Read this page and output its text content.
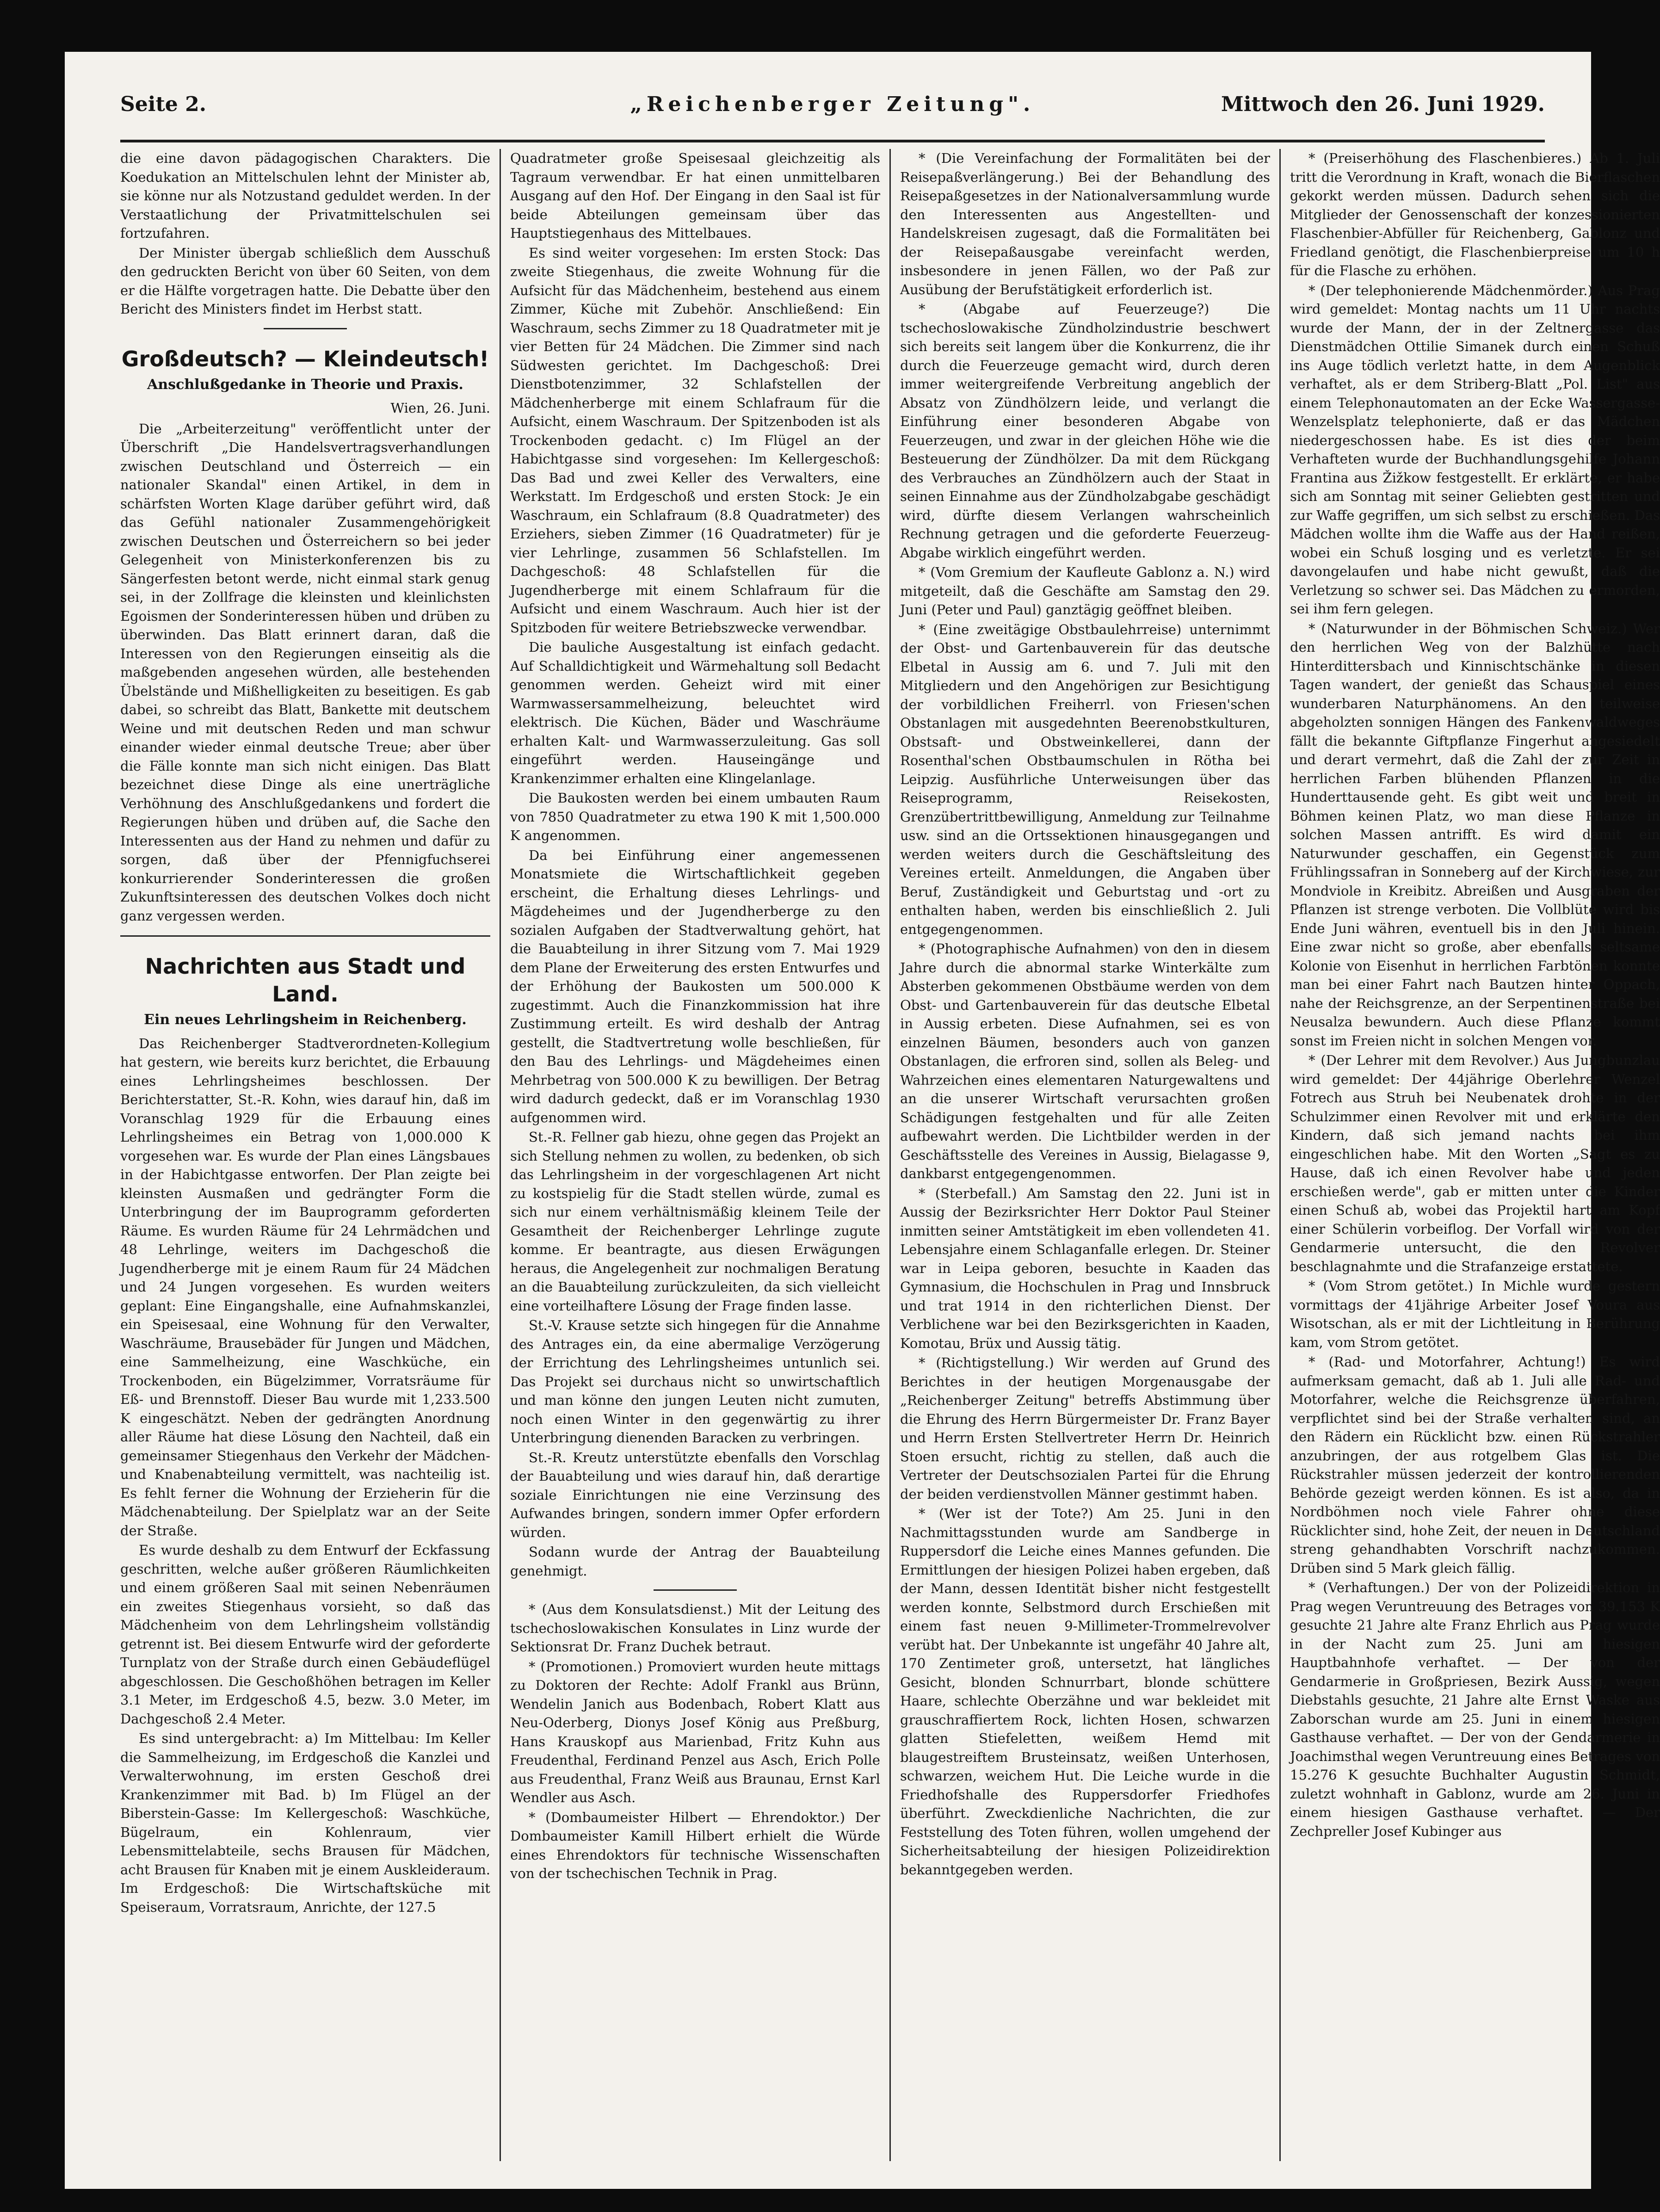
Seite 2.	„Reichenberger Zeitung".	Mittwoch den 26. Juni 1929.

die eine davon pädagogischen Charakters. Die Koedukation an Mittelschulen lehnt der Minister ab, sie könne nur als Notzustand geduldet werden. In der Verstaatlichung der Privatmittelschulen sei fortzufahren.

Der Minister übergab schließlich dem Ausschuß den gedruckten Bericht von über 60 Seiten, von dem er die Hälfte vorgetragen hatte. Die Debatte über den Bericht des Ministers findet im Herbst statt.

Großdeutsch? — Kleindeutsch!
Anschlußgedanke in Theorie und Praxis.
Wien, 26. Juni.

Die „Arbeiterzeitung" veröffentlicht unter der Überschrift „Die Handelsvertragsverhandlungen zwischen Deutschland und Österreich — ein nationaler Skandal" einen Artikel, in dem in schärfsten Worten Klage darüber geführt wird, daß das Gefühl nationaler Zusammengehörigkeit zwischen Deutschen und Österreichern so bei jeder Gelegenheit von Ministerkonferenzen bis zu Sängerfesten betont werde, nicht einmal stark genug sei, in der Zollfrage die kleinsten und kleinlichsten Egoismen der Sonderinteressen hüben und drüben zu überwinden. Das Blatt erinnert daran, daß die Interessen von den Regierungen einseitig als die maßgebenden angesehen würden, alle bestehenden Übelstände und Mißhelligkeiten zu beseitigen. Es gab dabei, so schreibt das Blatt, Bankette mit deutschem Weine und mit deutschen Reden und man schwur einander wieder einmal deutsche Treue; aber über die Fälle konnte man sich nicht einigen. Das Blatt bezeichnet diese Dinge als eine unerträgliche Verhöhnung des Anschlußgedankens und fordert die Regierungen hüben und drüben auf, die Sache den Interessenten aus der Hand zu nehmen und dafür zu sorgen, daß über der Pfennigfuchserei konkurrierender Sonderinteressen die großen Zukunftsinteressen des deutschen Volkes doch nicht ganz vergessen werden.

Nachrichten aus Stadt und Land.
Ein neues Lehrlingsheim in Reichenberg.

Das Reichenberger Stadtverordneten-Kollegium hat gestern, wie bereits kurz berichtet, die Erbauung eines Lehrlingsheimes beschlossen. Der Berichterstatter, St.-R. Kohn, wies darauf hin, daß im Voranschlag 1929 für die Erbauung eines Lehrlingsheimes ein Betrag von 1,000.000 K vorgesehen war. Es wurde der Plan eines Längsbaues in der Habichtgasse entworfen. Der Plan zeigte bei kleinsten Ausmaßen und gedrängter Form die Unterbringung der im Bauprogramm geforderten Räume. Es wurden Räume für 24 Lehrmädchen und 48 Lehrlinge, weiters im Dachgeschoß die Jugendherberge mit je einem Raum für 24 Mädchen und 24 Jungen vorgesehen. Es wurden weiters geplant: Eine Eingangshalle, eine Aufnahmskanzlei, ein Speisesaal, eine Wohnung für den Verwalter, Waschräume, Brausebäder für Jungen und Mädchen, eine Sammelheizung, eine Waschküche, ein Trockenboden, ein Bügelzimmer, Vorratsräume für Eß- und Brennstoff. Dieser Bau wurde mit 1,233.500 K eingeschätzt. Neben der gedrängten Anordnung aller Räume hat diese Lösung den Nachteil, daß ein gemeinsamer Stiegenhaus den Verkehr der Mädchen- und Knabenabteilung vermittelt, was nachteilig ist. Es fehlt ferner die Wohnung der Erzieherin für die Mädchenabteilung. Der Spielplatz war an der Seite der Straße.

Es wurde deshalb zu dem Entwurf der Eckfassung geschritten, welche außer größeren Räumlichkeiten und einem größeren Saal mit seinen Nebenräumen ein zweites Stiegenhaus vorsieht, so daß das Mädchenheim von dem Lehrlingsheim vollständig getrennt ist. Bei diesem Entwurfe wird der geforderte Turnplatz von der Straße durch einen Gebäudeflügel abgeschlossen. Die Geschoßhöhen betragen im Keller 3.1 Meter, im Erdgeschoß 4.5, bezw. 3.0 Meter, im Dachgeschoß 2.4 Meter.

Es sind untergebracht: a) Im Mittelbau: Im Keller die Sammelheizung, im Erdgeschoß die Kanzlei und Verwalterwohnung, im ersten Geschoß drei Krankenzimmer mit Bad. b) Im Flügel an der Biberstein-Gasse: Im Kellergeschoß: Waschküche, Bügelraum, ein Kohlenraum, vier Lebensmittelabteile, sechs Brausen für Mädchen, acht Brausen für Knaben mit je einem Auskleideraum. Im Erdgeschoß: Die Wirtschaftsküche mit Speiseraum, Vorratsraum, Anrichte, der 127.5

Quadratmeter große Speisesaal gleichzeitig als Tagraum verwendbar. Er hat einen unmittelbaren Ausgang auf den Hof. Der Eingang in den Saal ist für beide Abteilungen gemeinsam über das Hauptstiegenhaus des Mittelbaues.

Es sind weiter vorgesehen: Im ersten Stock: Das zweite Stiegenhaus, die zweite Wohnung für die Aufsicht für das Mädchenheim, bestehend aus einem Zimmer, Küche mit Zubehör. Anschließend: Ein Waschraum, sechs Zimmer zu 18 Quadratmeter mit je vier Betten für 24 Mädchen. Die Zimmer sind nach Südwesten gerichtet. Im Dachgeschoß: Drei Dienstbotenzimmer, 32 Schlafstellen der Mädchenherberge mit einem Schlafraum für die Aufsicht, einem Waschraum. Der Spitzenboden ist als Trockenboden gedacht. c) Im Flügel an der Habichtgasse sind vorgesehen: Im Kellergeschoß: Das Bad und zwei Keller des Verwalters, eine Werkstatt. Im Erdgeschoß und ersten Stock: Je ein Waschraum, ein Schlafraum (8.8 Quadratmeter) des Erziehers, sieben Zimmer (16 Quadratmeter) für je vier Lehrlinge, zusammen 56 Schlafstellen. Im Dachgeschoß: 48 Schlafstellen für die Jugendherberge mit einem Schlafraum für die Aufsicht und einem Waschraum. Auch hier ist der Spitzboden für weitere Betriebszwecke verwendbar.

Die bauliche Ausgestaltung ist einfach gedacht. Auf Schalldichtigkeit und Wärmehaltung soll Bedacht genommen werden. Geheizt wird mit einer Warmwassersammelheizung, beleuchtet wird elektrisch. Die Küchen, Bäder und Waschräume erhalten Kalt- und Warmwasserzuleitung. Gas soll eingeführt werden. Hauseingänge und Krankenzimmer erhalten eine Klingelanlage.

Die Baukosten werden bei einem umbauten Raum von 7850 Quadratmeter zu etwa 190 K mit 1,500.000 K angenommen.

Da bei Einführung einer angemessenen Monatsmiete die Wirtschaftlichkeit gegeben erscheint, die Erhaltung dieses Lehrlings- und Mägdeheimes und der Jugendherberge zu den sozialen Aufgaben der Stadtverwaltung gehört, hat die Bauabteilung in ihrer Sitzung vom 7. Mai 1929 dem Plane der Erweiterung des ersten Entwurfes und der Erhöhung der Baukosten um 500.000 K zugestimmt. Auch die Finanzkommission hat ihre Zustimmung erteilt. Es wird deshalb der Antrag gestellt, die Stadtvertretung wolle beschließen, für den Bau des Lehrlings- und Mägdeheimes einen Mehrbetrag von 500.000 K zu bewilligen. Der Betrag wird dadurch gedeckt, daß er im Voranschlag 1930 aufgenommen wird.

St.-R. Fellner gab hiezu, ohne gegen das Projekt an sich Stellung nehmen zu wollen, zu bedenken, ob sich das Lehrlingsheim in der vorgeschlagenen Art nicht zu kostspielig für die Stadt stellen würde, zumal es sich nur einem verhältnismäßig kleinem Teile der Gesamtheit der Reichenberger Lehrlinge zugute komme. Er beantragte, aus diesen Erwägungen heraus, die Angelegenheit zur nochmaligen Beratung an die Bauabteilung zurückzuleiten, da sich vielleicht eine vorteilhaftere Lösung der Frage finden lasse.

St.-V. Krause setzte sich hingegen für die Annahme des Antrages ein, da eine abermalige Verzögerung der Errichtung des Lehrlingsheimes untunlich sei. Das Projekt sei durchaus nicht so unwirtschaftlich und man könne den jungen Leuten nicht zumuten, noch einen Winter in den gegenwärtig zu ihrer Unterbringung dienenden Baracken zu verbringen.

St.-R. Kreutz unterstützte ebenfalls den Vorschlag der Bauabteilung und wies darauf hin, daß derartige soziale Einrichtungen nie eine Verzinsung des Aufwandes bringen, sondern immer Opfer erfordern würden.

Sodann wurde der Antrag der Bauabteilung genehmigt.

* (Aus dem Konsulatsdienst.) Mit der Leitung des tschechoslowakischen Konsulates in Linz wurde der Sektionsrat Dr. Franz Duchek betraut.

* (Promotionen.) Promoviert wurden heute mittags zu Doktoren der Rechte: Adolf Frankl aus Brünn, Wendelin Janich aus Bodenbach, Robert Klatt aus Neu-Oderberg, Dionys Josef König aus Preßburg, Hans Krauskopf aus Marienbad, Fritz Kuhn aus Freudenthal, Ferdinand Penzel aus Asch, Erich Polle aus Freudenthal, Franz Weiß aus Braunau, Ernst Karl Wendler aus Asch.

* (Dombaumeister Hilbert — Ehrendoktor.) Der Dombaumeister Kamill Hilbert erhielt die Würde eines Ehrendoktors für technische Wissenschaften von der tschechischen Technik in Prag.

* (Die Vereinfachung der Formalitäten bei der Reisepaßverlängerung.) Bei der Behandlung des Reisepaßgesetzes in der Nationalversammlung wurde den Interessenten aus Angestellten- und Handelskreisen zugesagt, daß die Formalitäten bei der Reisepaßausgabe vereinfacht werden, insbesondere in jenen Fällen, wo der Paß zur Ausübung der Berufstätigkeit erforderlich ist.

* (Abgabe auf Feuerzeuge?) Die tschechoslowakische Zündholzindustrie beschwert sich bereits seit langem über die Konkurrenz, die ihr durch die Feuerzeuge gemacht wird, durch deren immer weitergreifende Verbreitung angeblich der Absatz von Zündhölzern leide, und verlangt die Einführung einer besonderen Abgabe von Feuerzeugen, und zwar in der gleichen Höhe wie die Besteuerung der Zündhölzer. Da mit dem Rückgang des Verbrauches an Zündhölzern auch der Staat in seinen Einnahme aus der Zündholzabgabe geschädigt wird, dürfte diesem Verlangen wahrscheinlich Rechnung getragen und die geforderte Feuerzeug-Abgabe wirklich eingeführt werden.

* (Vom Gremium der Kaufleute Gablonz a. N.) wird mitgeteilt, daß die Geschäfte am Samstag den 29. Juni (Peter und Paul) ganztägig geöffnet bleiben.

* (Eine zweitägige Obstbaulehrreise) unternimmt der Obst- und Gartenbauverein für das deutsche Elbetal in Aussig am 6. und 7. Juli mit den Mitgliedern und den Angehörigen zur Besichtigung der vorbildlichen Freiherrl. von Friesen'schen Obstanlagen mit ausgedehnten Beerenobstkulturen, Obstsaft- und Obstweinkellerei, dann der Rosenthal'schen Obstbaumschulen in Rötha bei Leipzig. Ausführliche Unterweisungen über das Reiseprogramm, Reisekosten, Grenzübertrittbewilligung, Anmeldung zur Teilnahme usw. sind an die Ortssektionen hinausgegangen und werden weiters durch die Geschäftsleitung des Vereines erteilt. Anmeldungen, die Angaben über Beruf, Zuständigkeit und Geburtstag und -ort zu enthalten haben, werden bis einschließlich 2. Juli entgegengenommen.

* (Photographische Aufnahmen) von den in diesem Jahre durch die abnormal starke Winterkälte zum Absterben gekommenen Obstbäume werden von dem Obst- und Gartenbauverein für das deutsche Elbetal in Aussig erbeten. Diese Aufnahmen, sei es von einzelnen Bäumen, besonders auch von ganzen Obstanlagen, die erfroren sind, sollen als Beleg- und Wahrzeichen eines elementaren Naturgewaltens und an die unserer Wirtschaft verursachten großen Schädigungen festgehalten und für alle Zeiten aufbewahrt werden. Die Lichtbilder werden in der Geschäftsstelle des Vereines in Aussig, Bielagasse 9, dankbarst entgegengenommen.

* (Sterbefall.) Am Samstag den 22. Juni ist in Aussig der Bezirksrichter Herr Doktor Paul Steiner inmitten seiner Amtstätigkeit im eben vollendeten 41. Lebensjahre einem Schlaganfalle erlegen. Dr. Steiner war in Leipa geboren, besuchte in Kaaden das Gymnasium, die Hochschulen in Prag und Innsbruck und trat 1914 in den richterlichen Dienst. Der Verblichene war bei den Bezirksgerichten in Kaaden, Komotau, Brüx und Aussig tätig.

* (Richtigstellung.) Wir werden auf Grund des Berichtes in der heutigen Morgenausgabe der „Reichenberger Zeitung" betreffs Abstimmung über die Ehrung des Herrn Bürgermeister Dr. Franz Bayer und Herrn Ersten Stellvertreter Herrn Dr. Heinrich Stoen ersucht, richtig zu stellen, daß auch die Vertreter der Deutschsozialen Partei für die Ehrung der beiden verdienstvollen Männer gestimmt haben.

* (Wer ist der Tote?) Am 25. Juni in den Nachmittagsstunden wurde am Sandberge in Ruppersdorf die Leiche eines Mannes gefunden. Die Ermittlungen der hiesigen Polizei haben ergeben, daß der Mann, dessen Identität bisher nicht festgestellt werden konnte, Selbstmord durch Erschießen mit einem fast neuen 9-Millimeter-Trommelrevolver verübt hat. Der Unbekannte ist ungefähr 40 Jahre alt, 170 Zentimeter groß, untersetzt, hat längliches Gesicht, blonden Schnurrbart, blonde schüttere Haare, schlechte Oberzähne und war bekleidet mit grauschraffiertem Rock, lichten Hosen, schwarzen glatten Stiefeletten, weißem Hemd mit blaugestreiftem Brusteinsatz, weißen Unterhosen, schwarzen, weichem Hut. Die Leiche wurde in die Friedhofshalle des Ruppersdorfer Friedhofes überführt. Zweckdienliche Nachrichten, die zur Feststellung des Toten führen, wollen umgehend der Sicherheitsabteilung der hiesigen Polizeidirektion bekanntgegeben werden.

* (Preiserhöhung des Flaschenbieres.) Ab 1. Juli tritt die Verordnung in Kraft, wonach die Bierflaschen gekorkt werden müssen. Dadurch sehen sich die Mitglieder der Genossenschaft der konzessionierten Flaschenbier-Abfüller für Reichenberg, Gablonz und Friedland genötigt, die Flaschenbierpreise um 10 h für die Flasche zu erhöhen.

* (Der telephonierende Mädchenmörder.) Aus Prag wird gemeldet: Montag nachts um 11 Uhr nachts wurde der Mann, der in der Zeltnergasse das Dienstmädchen Ottilie Simanek durch einen Schuß ins Auge tödlich verletzt hatte, in dem Augenblick verhaftet, als er dem Striberg-Blatt „Pol. List" aus einem Telephonautomaten an der Ecke Wassergasse-Wenzelsplatz telephonierte, daß er das Mädchen niedergeschossen habe. Es ist dies der beim Verhafteten wurde der Buchhandlungsgehilfe Johann Frantina aus Žižkow festgestellt. Er erklärte, er habe sich am Sonntag mit seiner Geliebten gestritten und zur Waffe gegriffen, um sich selbst zu erschießen. Das Mädchen wollte ihm die Waffe aus der Hand reißen, wobei ein Schuß losging und es verletzte. Er sei davongelaufen und habe nicht gewußt, daß die Verletzung so schwer sei. Das Mädchen zu ermorden, sei ihm fern gelegen.

* (Naturwunder in der Böhmischen Schweiz.) Wer den herrlichen Weg von der Balzhütte nach Hinterdittersbach und Kinnischtschänke in diesen Tagen wandert, der genießt das Schauspiel eines wunderbaren Naturphänomens. An den teilweise abgeholzten sonnigen Hängen des Fankenwaldweges fällt die bekannte Giftpflanze Fingerhut angesiedelt und derart vermehrt, daß die Zahl der zur Zeit in herrlichen Farben blühenden Pflanzen in die Hunderttausende geht. Es gibt weit und breit in Böhmen keinen Platz, wo man diese Pflanze in solchen Massen antrifft. Es wird damit ein Naturwunder geschaffen, ein Gegenstück zum Frühlingssafran in Sonneberg auf der Kirchwiese, zur Mondviole in Kreibitz. Abreißen und Ausgraben der Pflanzen ist strenge verboten. Die Vollblüte wird bis Ende Juni währen, eventuell bis in den Juli hinein. Eine zwar nicht so große, aber ebenfalls seltsame Kolonie von Eisenhut in herrlichen Farbtönen konnte man bei einer Fahrt nach Bautzen hinter Oppach, nahe der Reichsgrenze, an der Serpentinenstraße bei Neusalza bewundern. Auch diese Pflanze kommt sonst im Freien nicht in solchen Mengen vor.

* (Der Lehrer mit dem Revolver.) Aus Jungbunzlau wird gemeldet: Der 44jährige Oberlehrer Wenzel Fotrech aus Struh bei Neubenatek drohte in der Schulzimmer einen Revolver mit und erklärte den Kindern, daß sich jemand nachts bei ihm eingeschlichen habe. Mit den Worten „Sagt es zu Hause, daß ich einen Revolver habe und jeden erschießen werde", gab er mitten unter die Kinder einen Schuß ab, wobei das Projektil hart am Kopf einer Schülerin vorbeiflog. Der Vorfall wird von der Gendarmerie untersucht, die den Revolver beschlagnahmte und die Strafanzeige erstattete.

* (Vom Strom getötet.) In Michle wurde gestern vormittags der 41jährige Arbeiter Josef Voura aus Wisotschan, als er mit der Lichtleitung in Berührung kam, vom Strom getötet.

* (Rad- und Motorfahrer, Achtung!) Es wird aufmerksam gemacht, daß ab 1. Juli alle Rad- und Motorfahrer, welche die Reichsgrenze überfahren, verpflichtet sind bei der Straße verhalten sind, an den Rädern ein Rücklicht bzw. einen Rückstrahler anzubringen, der aus rotgelbem Glas ist. Die Rückstrahler müssen jederzeit der kontrollierenden Behörde gezeigt werden können. Es ist also, da in Nordböhmen noch viele Fahrer ohne diese Rücklichter sind, hohe Zeit, der neuen in Deutschland streng gehandhabten Vorschrift nachzukommen. Drüben sind 5 Mark gleich fällig.

* (Verhaftungen.) Der von der Polizeidirektion in Prag wegen Veruntreuung des Betrages von 39.153 K gesuchte 21 Jahre alte Franz Ehrlich aus Prag wurde in der Nacht zum 25. Juni am hiesigen Hauptbahnhofe verhaftet. — Der von der Gendarmerie in Großpriesen, Bezirk Aussig, wegen Diebstahls gesuchte, 21 Jahre alte Ernst Waske aus Zaborschan wurde am 25. Juni in einem hiesigen Gasthause verhaftet. — Der von der Gendarmerie in Joachimsthal wegen Veruntreuung eines Betrages von 15.276 K gesuchte Buchhalter Augustin Schmidt, zuletzt wohnhaft in Gablonz, wurde am 26. Juni in einem hiesigen Gasthause verhaftet. — Der Zechpreller Josef Kubinger aus
